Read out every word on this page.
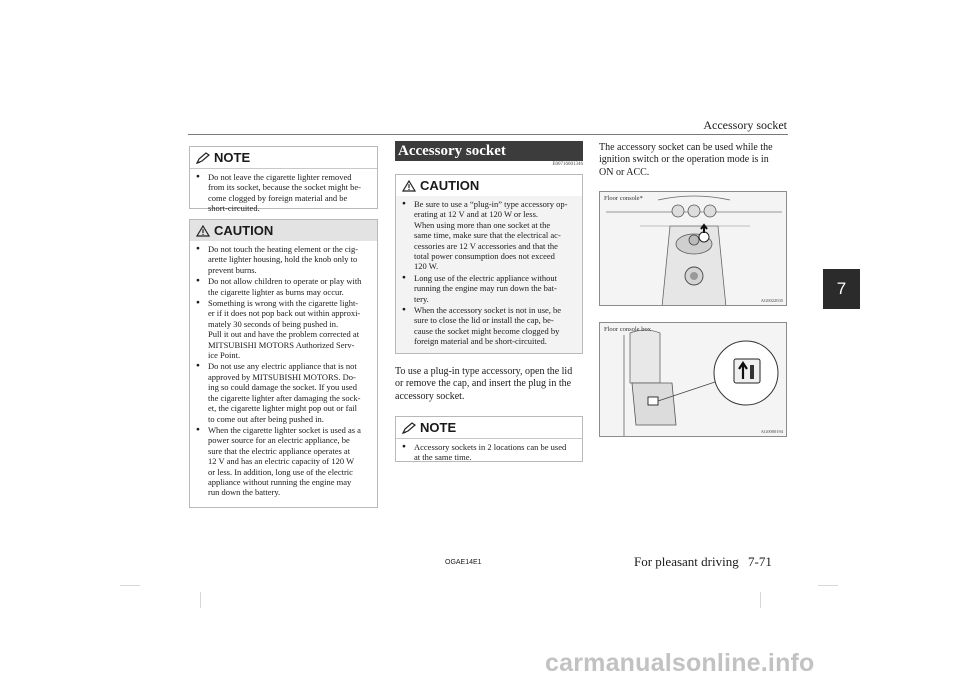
Accessory socket
7
NOTE
● Do not leave the cigarette lighter removed
from its socket, because the socket might be-
come clogged by foreign material and be
short-circuited.
CAUTION
● Do not touch the heating element or the cig-
arette lighter housing, hold the knob only to
prevent burns.
● Do not allow children to operate or play with
the cigarette lighter as burns may occur.
● Something is wrong with the cigarette light-
er if it does not pop back out within approxi-
mately 30 seconds of being pushed in.
Pull it out and have the problem corrected at
MITSUBISHI MOTORS Authorized Serv-
ice Point.
● Do not use any electric appliance that is not
approved by MITSUBISHI MOTORS. Do-
ing so could damage the socket. If you used
the cigarette lighter after damaging the sock-
et, the cigarette lighter might pop out or fail
to come out after being pushed in.
● When the cigarette lighter socket is used as a
power source for an electric appliance, be
sure that the electric appliance operates at
12 V and has an electric capacity of 120 W
or less. In addition, long use of the electric
appliance without running the engine may
run down the battery.
Accessory socket
E00716601346
CAUTION
● Be sure to use a “plug-in” type accessory op-
erating at 12 V and at 120 W or less.
When using more than one socket at the
same time, make sure that the electrical ac-
cessories are 12 V accessories and that the
total power consumption does not exceed
120 W.
● Long use of the electric appliance without
running the engine may run down the bat-
tery.
● When the accessory socket is not in use, be
sure to close the lid or install the cap, be-
cause the socket might become clogged by
foreign material and be short-circuited.
To use a plug-in type accessory, open the lid
or remove the cap, and insert the plug in the
accessory socket.
NOTE
● Accessory sockets in 2 locations can be used
at the same time.
The accessory socket can be used while the
ignition switch or the operation mode is in
ON or ACC.
Floor console*
AG0022035
Floor console box
AG0000194
OGAE14E1	For pleasant driving 7-71
carmanualsonline.info
